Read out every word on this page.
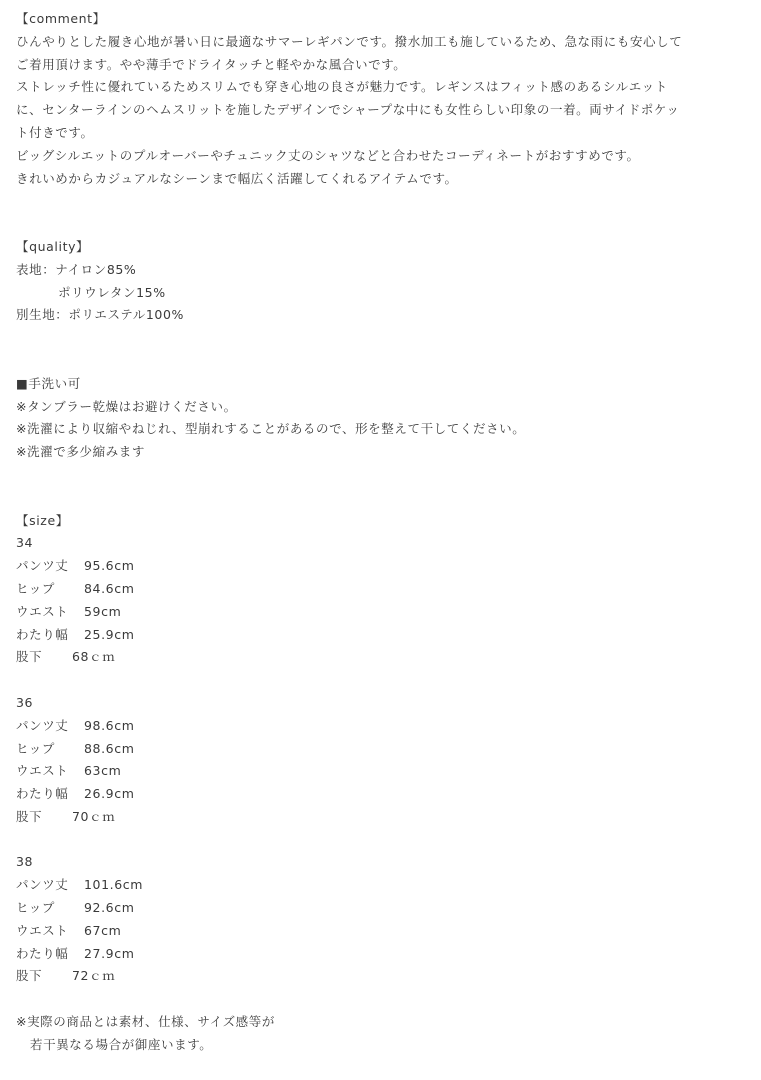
【comment】
ひんやりとした履き心地が暑い日に最適なサマーレギパンです。撥水加工も施しているため、急な雨にも安心して
ご着用頂けます。やや薄手でドライタッチと軽やかな風合いです。
ストレッチ性に優れているためスリムでも穿き心地の良さが魅力です。レギンスはフィット感のあるシルエット
に、センターラインのヘムスリットを施したデザインでシャープな中にも女性らしい印象の一着。両サイドポケッ
ト付きです。
ビッグシルエットのプルオーバーやチュニック丈のシャツなどと合わせたコーディネートがおすすめです。
きれいめからカジュアルなシーンまで幅広く活躍してくれるアイテムです。
【quality】
表地：ナイロン85%
ポリウレタン15%
別生地：ポリエステル100%
■手洗い可
※タンブラー乾燥はお避けください。
※洗濯により収縮やねじれ、型崩れすることがあるので、形を整えて干してください。
※洗濯で多少縮みます
【size】
34
パンツ丈	95.6cm
ヒップ	84.6cm
ウエスト	59cm
わたり幅	25.9cm
股下	68ｃｍ
36
パンツ丈	98.6cm
ヒップ	88.6cm
ウエスト	63cm
わたり幅	26.9cm
股下	70ｃｍ
38
パンツ丈	101.6cm
ヒップ	92.6cm
ウエスト	67cm
わたり幅	27.9cm
股下	72ｃｍ
※実際の商品とは素材、仕様、サイズ感等が
若干異なる場合が御座います。
